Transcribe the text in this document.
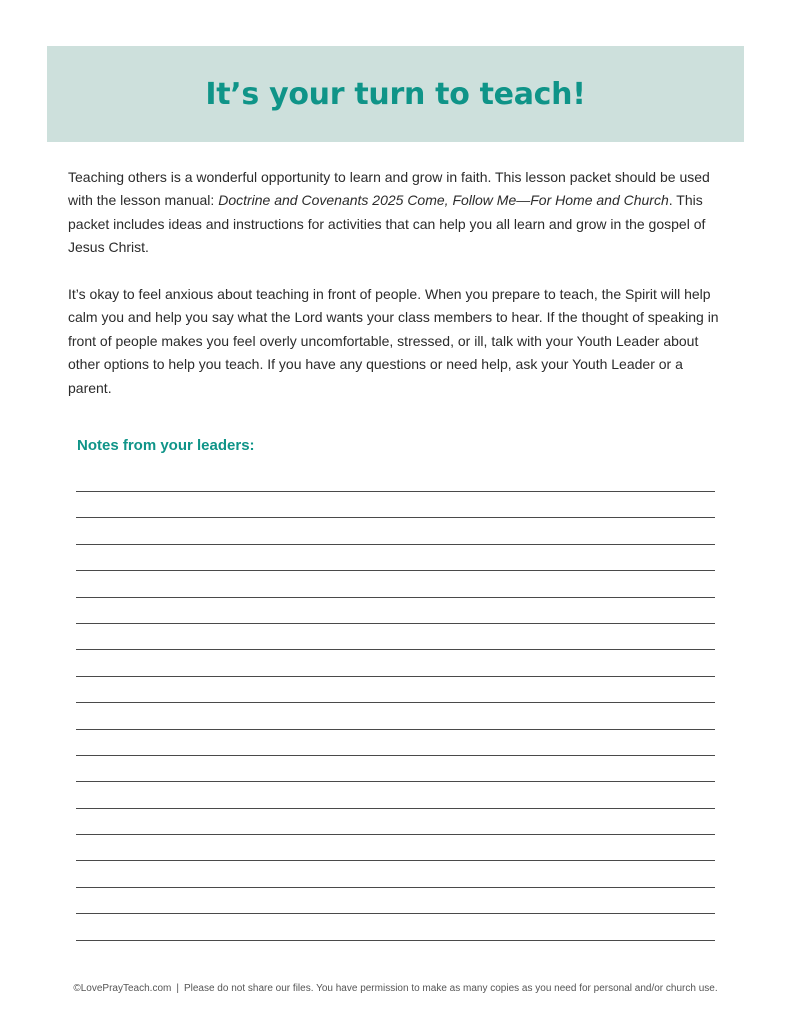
It’s your turn to teach!

Teaching others is a wonderful opportunity to learn and grow in faith. This lesson packet should be used with the lesson manual: Doctrine and Covenants 2025 Come, Follow Me—For Home and Church. This packet includes ideas and instructions for activities that can help you all learn and grow in the gospel of Jesus Christ.

It’s okay to feel anxious about teaching in front of people. When you prepare to teach, the Spirit will help calm you and help you say what the Lord wants your class members to hear. If the thought of speaking in front of people makes you feel overly uncomfortable, stressed, or ill, talk with your Youth Leader about other options to help you teach. If you have any questions or need help, ask your Youth Leader or a parent.

Notes from your leaders:
©LovePrayTeach.com | Please do not share our files. You have permission to make as many copies as you need for personal and/or church use.
